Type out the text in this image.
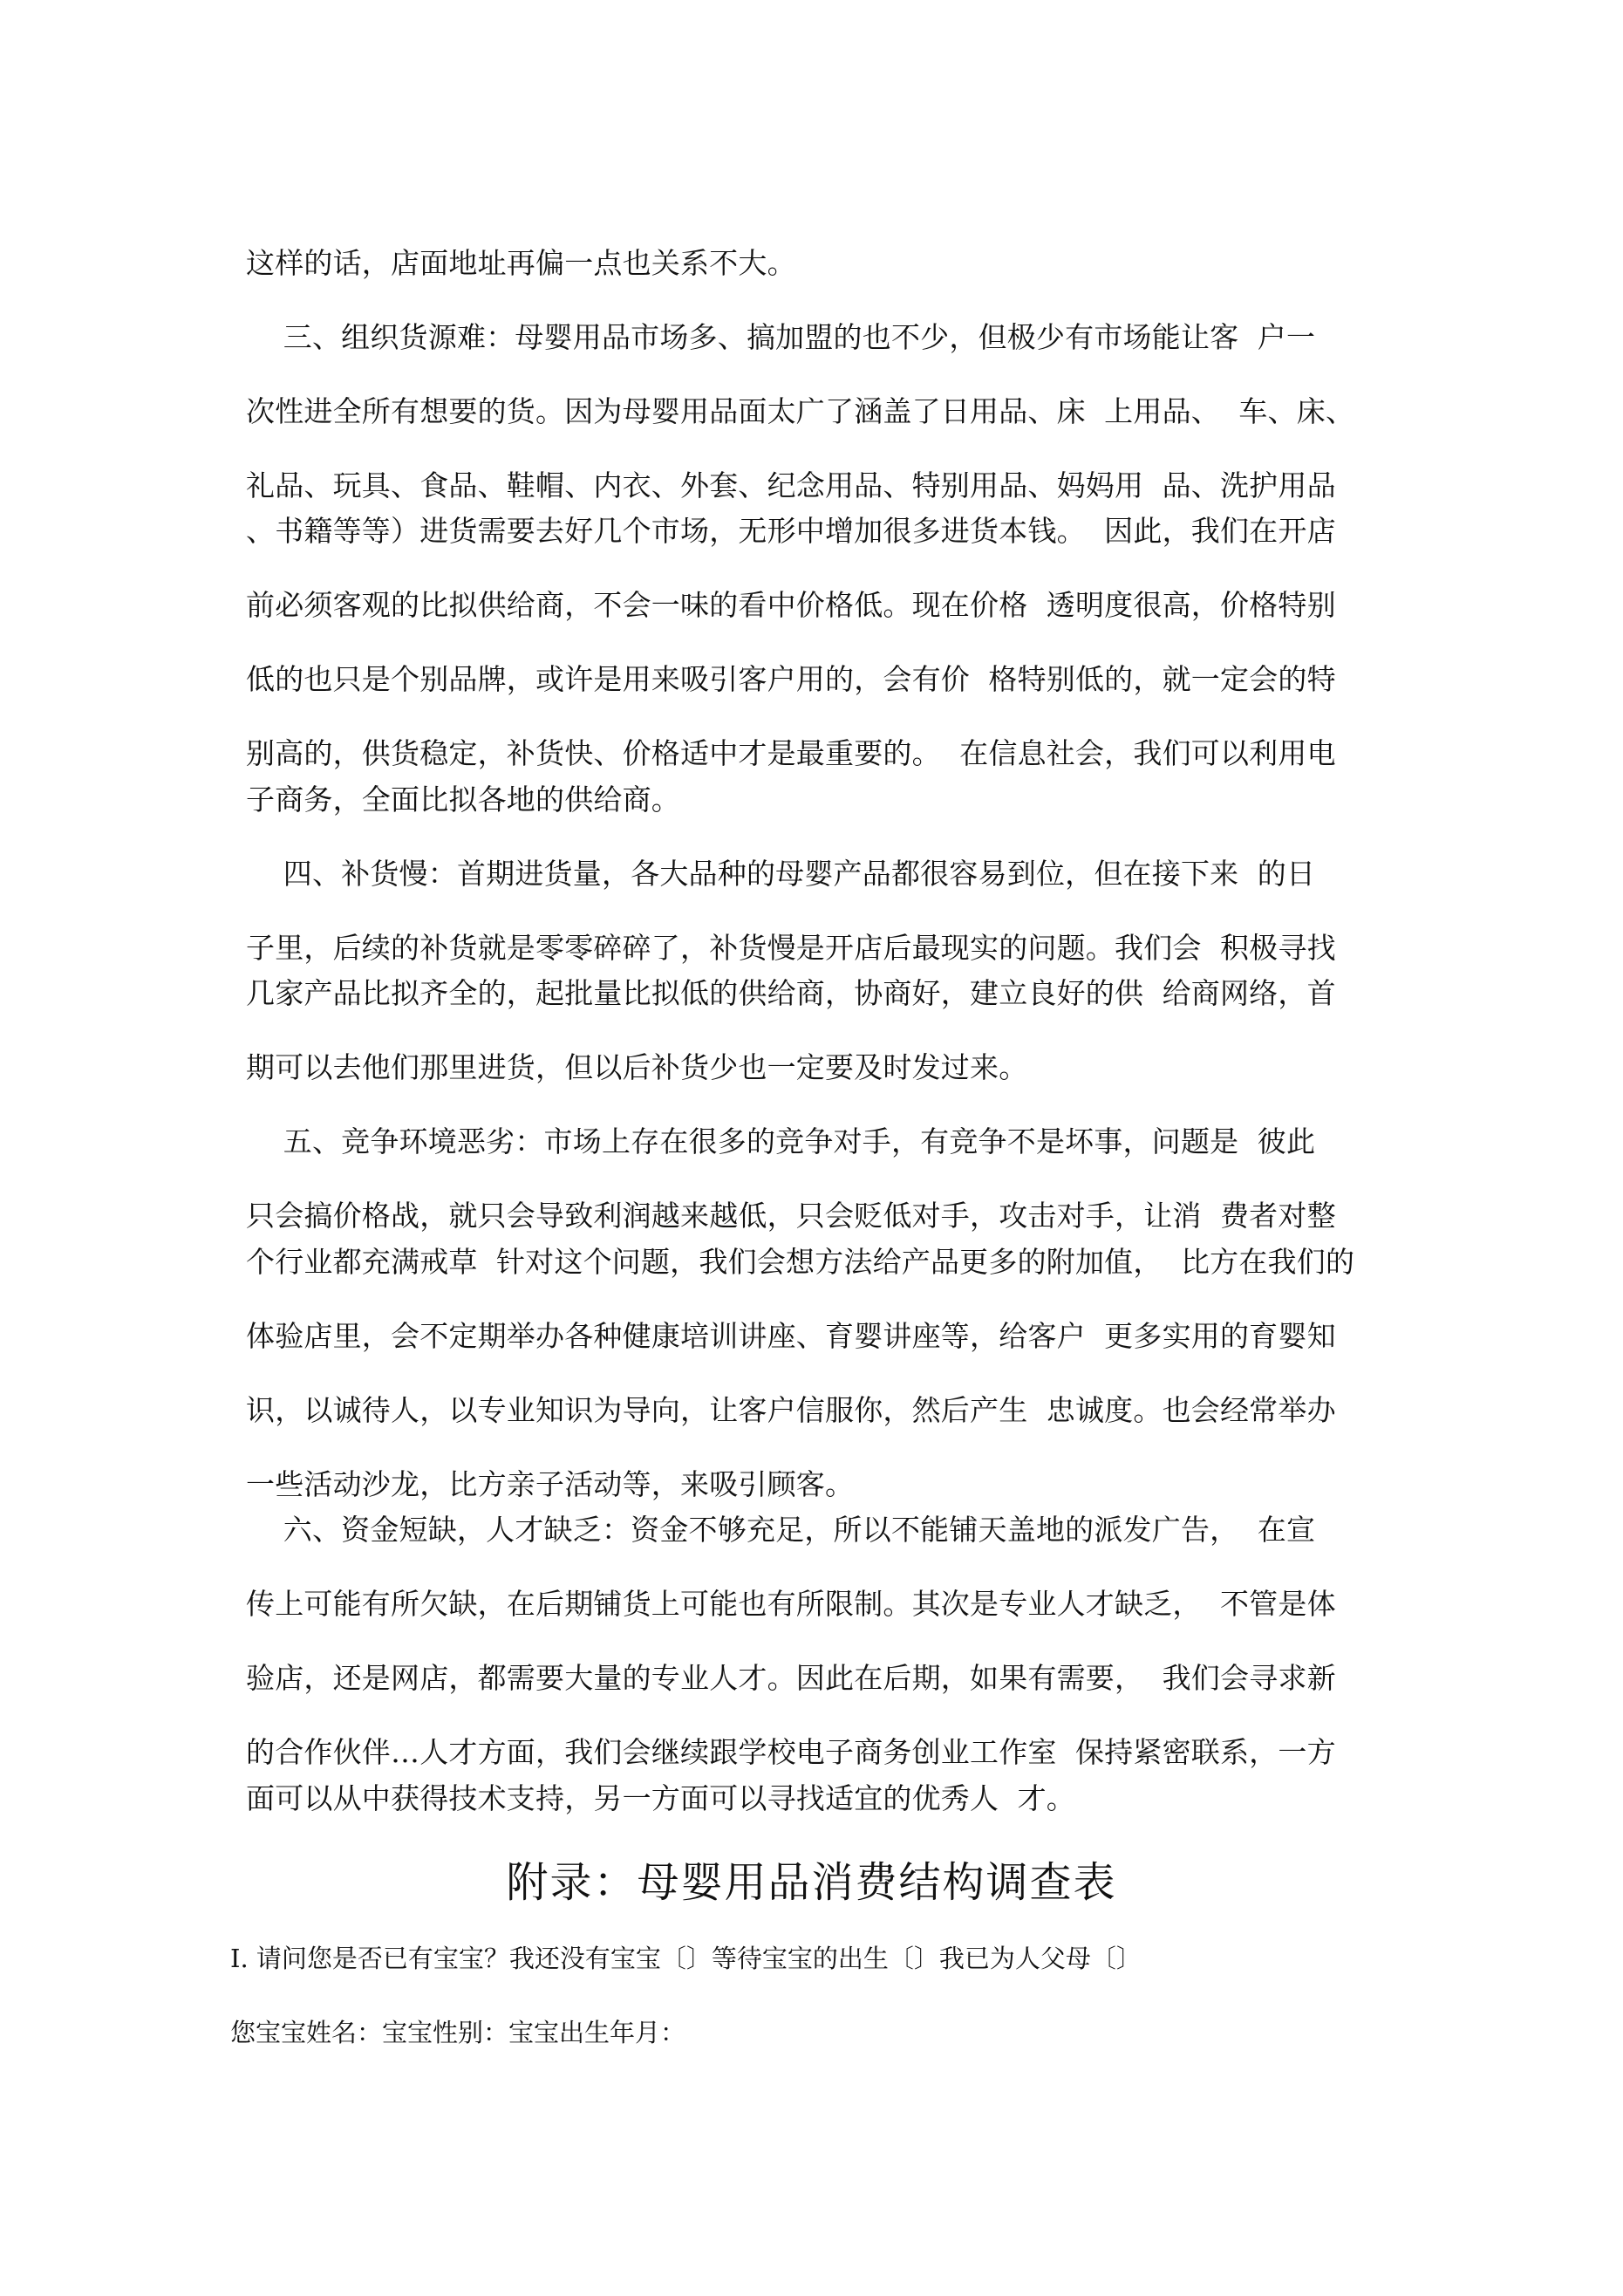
这样的话，店面地址再偏一点也关系不大。
三、组织货源难：母婴用品市场多、搞加盟的也不少，但极少有市场能让客  户一
次性进全所有想要的货。因为母婴用品面太广了涵盖了日用品、床  上用品、  车、床、
礼品、玩具、食品、鞋帽、内衣、外套、纪念用品、特别用品、妈妈用  品、洗护用品
、书籍等等）进货需要去好几个市场，无形中增加很多进货本钱。  因此，我们在开店
前必须客观的比拟供给商，不会一味的看中价格低。现在价格  透明度很高，价格特别
低的也只是个别品牌，或许是用来吸引客户用的，会有价  格特别低的，就一定会的特
别高的，供货稳定，补货快、价格适中才是最重要的。  在信息社会，我们可以利用电
子商务，全面比拟各地的供给商。
四、补货慢：首期进货量，各大品种的母婴产品都很容易到位，但在接下来  的日
子里，后续的补货就是零零碎碎了，补货慢是开店后最现实的问题。我们会  积极寻找
几家产品比拟齐全的，起批量比拟低的供给商，协商好，建立良好的供  给商网络，首
期可以去他们那里进货，但以后补货少也一定要及时发过来。
五、竞争环境恶劣：市场上存在很多的竞争对手，有竞争不是坏事，问题是  彼此
只会搞价格战，就只会导致利润越来越低，只会贬低对手，攻击对手，让消  费者对整
个行业都充满戒草  针对这个问题，我们会想方法给产品更多的附加值，  比方在我们的
体验店里，会不定期举办各种健康培训讲座、育婴讲座等，给客户  更多实用的育婴知
识，以诚待人，以专业知识为导向，让客户信服你，然后产生  忠诚度。也会经常举办
一些活动沙龙，比方亲子活动等，来吸引顾客。
六、资金短缺，人才缺乏：资金不够充足，所以不能铺天盖地的派发广告，  在宣
传上可能有所欠缺，在后期铺货上可能也有所限制。其次是专业人才缺乏，  不管是体
验店，还是网店，都需要大量的专业人才。因此在后期，如果有需要，  我们会寻求新
的合作伙伴…人才方面，我们会继续跟学校电子商务创业工作室  保持紧密联系，一方
面可以从中获得技术支持，另一方面可以寻找适宜的优秀人  才。
附录：母婴用品消费结构调查表
I. 请问您是否已有宝宝？我还没有宝宝〔〕等待宝宝的出生〔〕我已为人父母〔〕
您宝宝姓名：宝宝性别：宝宝出生年月：
